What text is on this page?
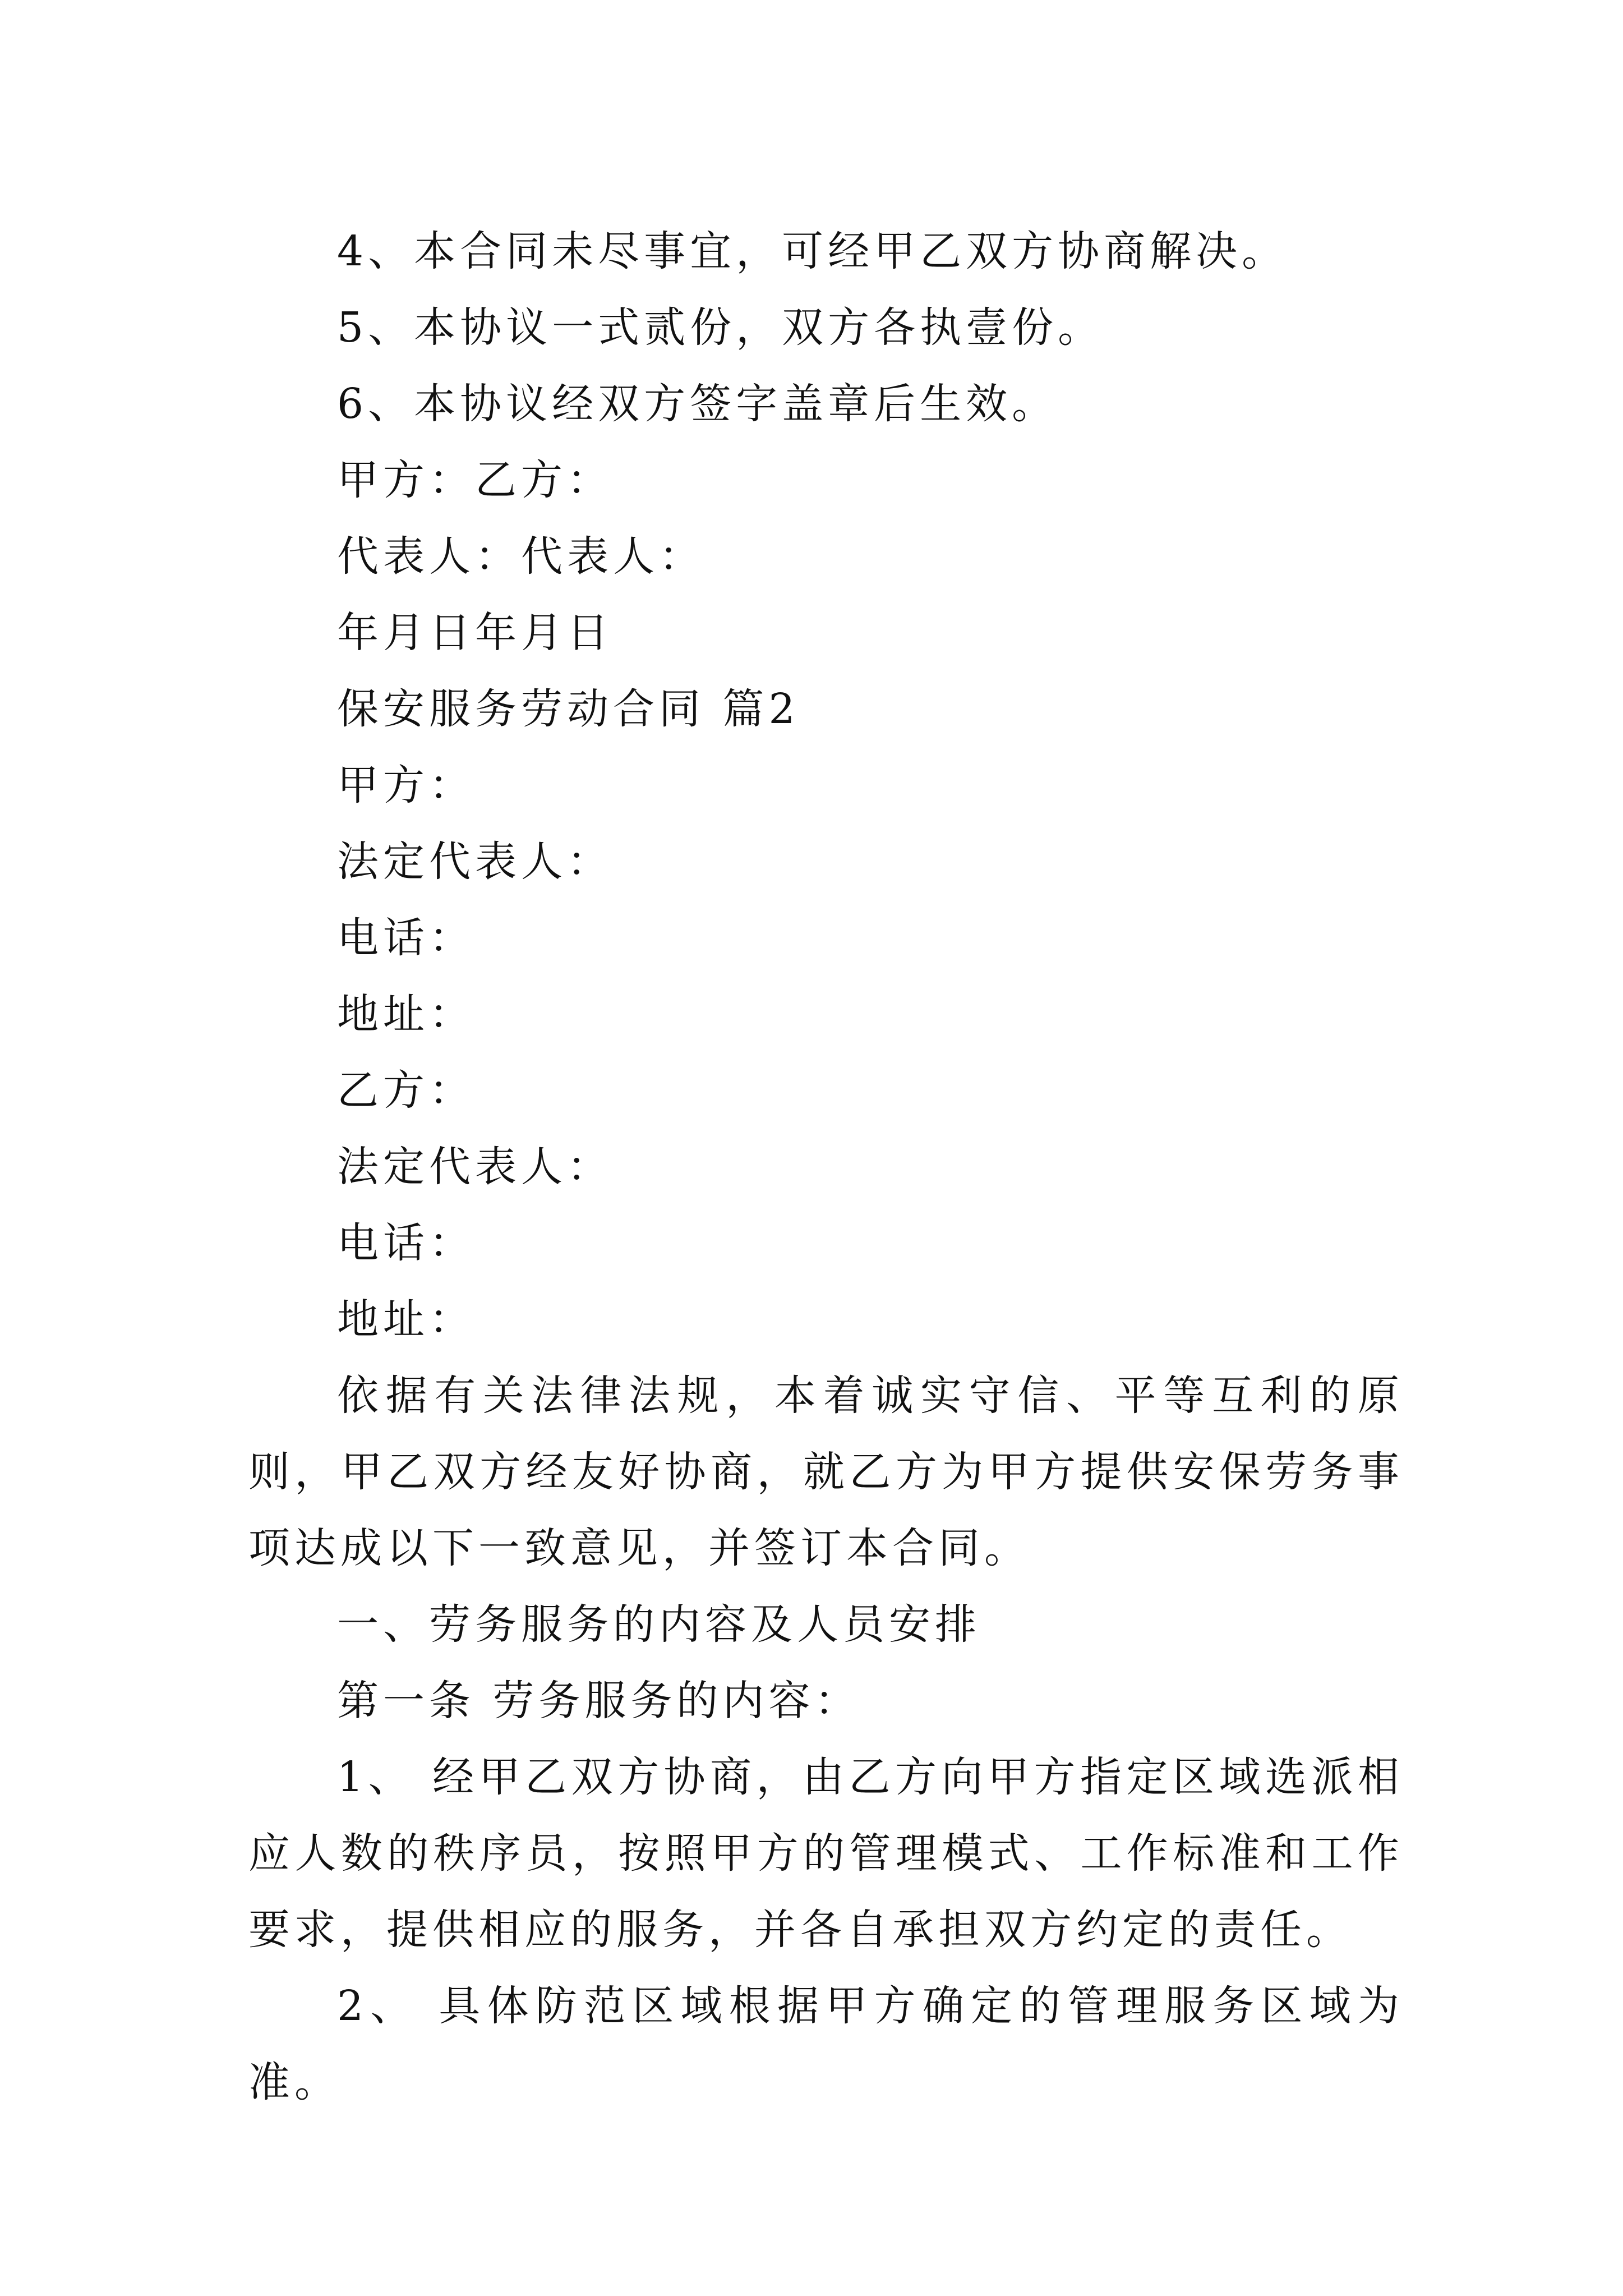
4、本合同未尽事宜，可经甲乙双方协商解决。

5、本协议一式贰份，双方各执壹份。

6、本协议经双方签字盖章后生效。

甲方：乙方：

代表人：代表人：

年月日年月日

保安服务劳动合同 篇2

甲方：

法定代表人：

电话：

地址：

乙方：

法定代表人：

电话：

地址：

依据有关法律法规，本着诚实守信、平等互利的原则，甲乙双方经友好协商，就乙方为甲方提供安保劳务事项达成以下一致意见，并签订本合同。

一、劳务服务的内容及人员安排

第一条 劳务服务的内容：

1、 经甲乙双方协商，由乙方向甲方指定区域选派相应人数的秩序员，按照甲方的管理模式、工作标准和工作要求，提供相应的服务，并各自承担双方约定的责任。

2、 具体防范区域根据甲方确定的管理服务区域为准。
